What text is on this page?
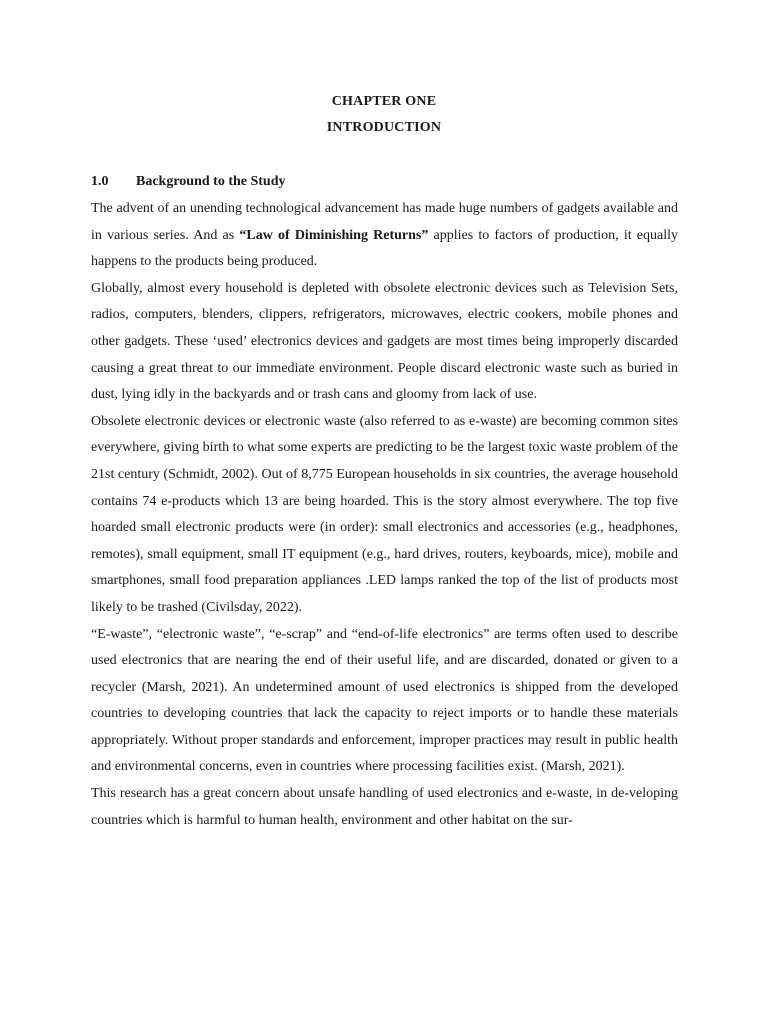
CHAPTER ONE
INTRODUCTION
1.0 Background to the Study

The advent of an unending technological advancement has made huge numbers of gadgets available and in various series. And as “Law of Diminishing Returns” applies to factors of production, it equally happens to the products being produced.

Globally, almost every household is depleted with obsolete electronic devices such as Television Sets, radios, computers, blenders, clippers, refrigerators, microwaves, electric cookers, mobile phones and other gadgets. These ‘used’ electronics devices and gadgets are most times being improperly discarded causing a great threat to our immediate environment. People discard electronic waste such as buried in dust, lying idly in the backyards and or trash cans and gloomy from lack of use.

Obsolete electronic devices or electronic waste (also referred to as e-waste) are becoming common sites everywhere, giving birth to what some experts are predicting to be the largest toxic waste problem of the 21st century (Schmidt, 2002). Out of 8,775 European households in six countries, the average household contains 74 e-products which 13 are being hoarded. This is the story almost everywhere. The top five hoarded small electronic products were (in order): small electronics and accessories (e.g., headphones, remotes), small equipment, small IT equipment (e.g., hard drives, routers, keyboards, mice), mobile and smartphones, small food preparation appliances .LED lamps ranked the top of the list of products most likely to be trashed (Civilsday, 2022).

“E-waste”, “electronic waste”, “e-scrap” and “end-of-life electronics” are terms often used to describe used electronics that are nearing the end of their useful life, and are discarded, donated or given to a recycler (Marsh, 2021). An undetermined amount of used electronics is shipped from the developed countries to developing countries that lack the capacity to reject imports or to handle these materials appropriately. Without proper standards and enforcement, improper practices may result in public health and environmental concerns, even in countries where processing facilities exist. (Marsh, 2021).

This research has a great concern about unsafe handling of used electronics and e-waste, in de-veloping countries which is harmful to human health, environment and other habitat on the sur-
